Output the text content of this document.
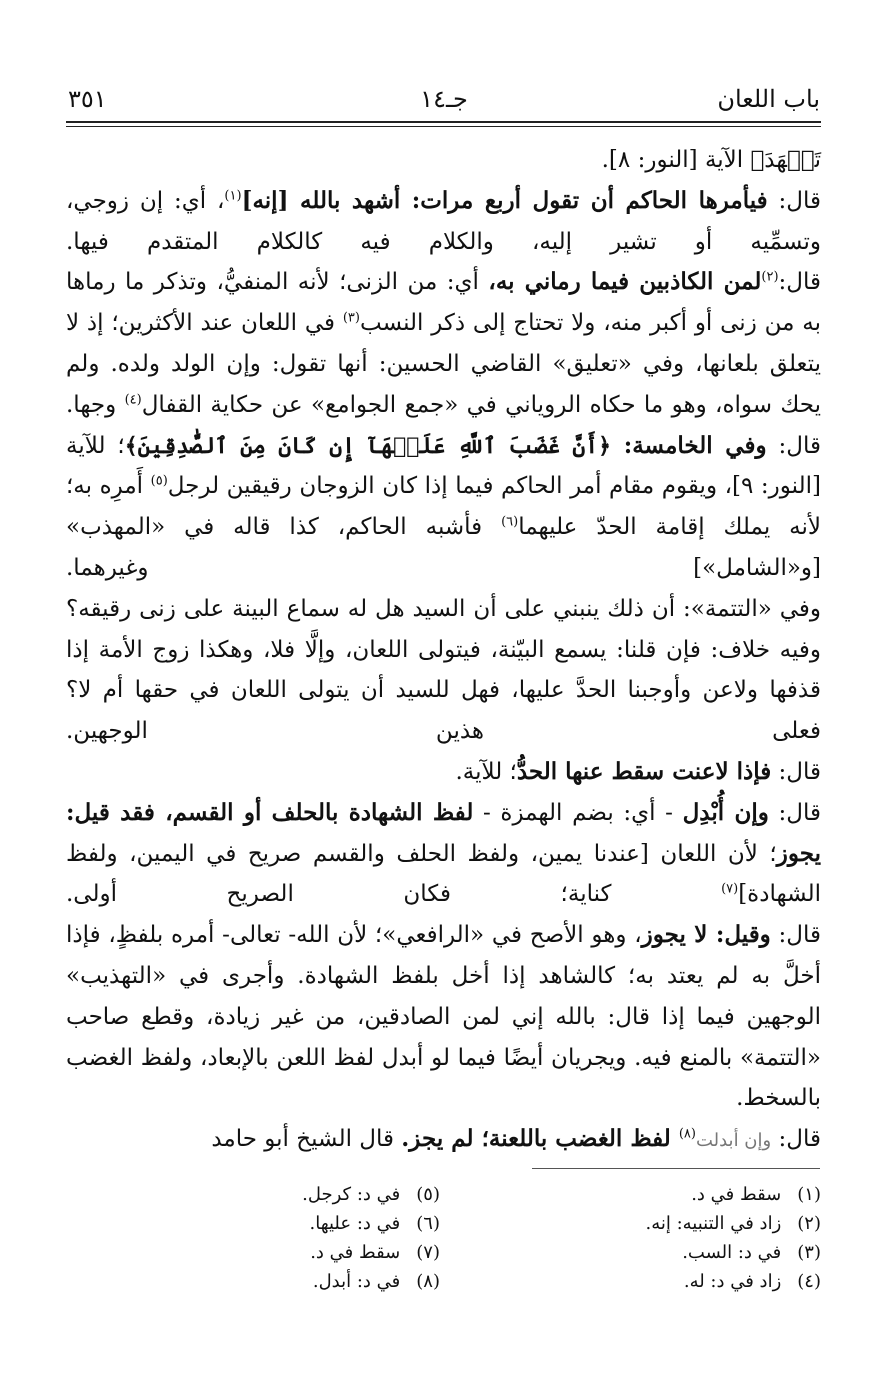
باب اللعان
جـ١٤
٣٥١

تَشۡهَدَ﴾ الآية [النور: ٨].

قال: فيأمرها الحاكم أن تقول أربع مرات: أشهد بالله [إنه]$^{(١)}$، أي: إن زوجي، وتسمِّيه أو تشير إليه، والكلام فيه كالكلام المتقدم فيها.

قال:$^{(٢)}$لمن الكاذبين فيما رماني به، أي: من الزنى؛ لأنه المنفيُّ، وتذكر ما رماها به من زنى أو أكبر منه، ولا تحتاج إلى ذكر النسب$^{(٣)}$ في اللعان عند الأكثرين؛ إذ لا يتعلق بلعانها، وفي «تعليق» القاضي الحسين: أنها تقول: وإن الولد ولده. ولم يحك سواه، وهو ما حكاه الروياني في «جمع الجوامع» عن حكاية القفال$^{(٤)}$ وجها.

قال: وفي الخامسة: ﴿أَنَّ غَضَبَ ٱللَّهِ عَلَيۡهَآ إِن كَانَ مِنَ ٱلصَّٰدِقِينَ﴾؛ للآية [النور: ٩]، ويقوم مقام أمر الحاكم فيما إذا كان الزوجان رقيقين لرجل$^{(٥)}$ أَمرِه به؛ لأنه يملك إقامة الحدّ عليهما$^{(٦)}$ فأشبه الحاكم، كذا قاله في «المهذب» [و«الشامل»] وغيرهما.

وفي «التتمة»: أن ذلك ينبني على أن السيد هل له سماع البينة على زنى رقيقه؟ وفيه خلاف: فإن قلنا: يسمع البيّنة، فيتولى اللعان، وإلَّا فلا، وهكذا زوج الأمة إذا قذفها ولاعن وأوجبنا الحدَّ عليها، فهل للسيد أن يتولى اللعان في حقها أم لا؟ فعلى هذين الوجهين.

قال: فإذا لاعنت سقط عنها الحدُّ؛ للآية.

قال: وإن أُبْدِل - أي: بضم الهمزة - لفظ الشهادة بالحلف أو القسم، فقد قيل: يجوز؛ لأن اللعان [عندنا يمين، ولفظ الحلف والقسم صريح في اليمين، ولفظ الشهادة]$^{(٧)}$ كناية؛ فكان الصريح أولى.

قال: وقيل: لا يجوز، وهو الأصح في «الرافعي»؛ لأن الله- تعالى- أمره بلفظٍ، فإذا أخلَّ به لم يعتد به؛ كالشاهد إذا أخل بلفظ الشهادة. وأجرى في «التهذيب» الوجهين فيما إذا قال: بالله إني لمن الصادقين، من غير زيادة، وقطع صاحب «التتمة» بالمنع فيه. ويجريان أيضًا فيما لو أبدل لفظ اللعن بالإبعاد، ولفظ الغضب بالسخط.

قال: وإن أبدلت$^{(٨)}$ لفظ الغضب باللعنة؛ لم يجز. قال الشيخ أبو حامد

(١) سقط في د.
(٢) زاد في التنبيه: إنه.
(٣) في د: السب.
(٤) زاد في د: له.
(٥) في د: كرجل.
(٦) في د: عليها.
(٧) سقط في د.
(٨) في د: أبدل.
